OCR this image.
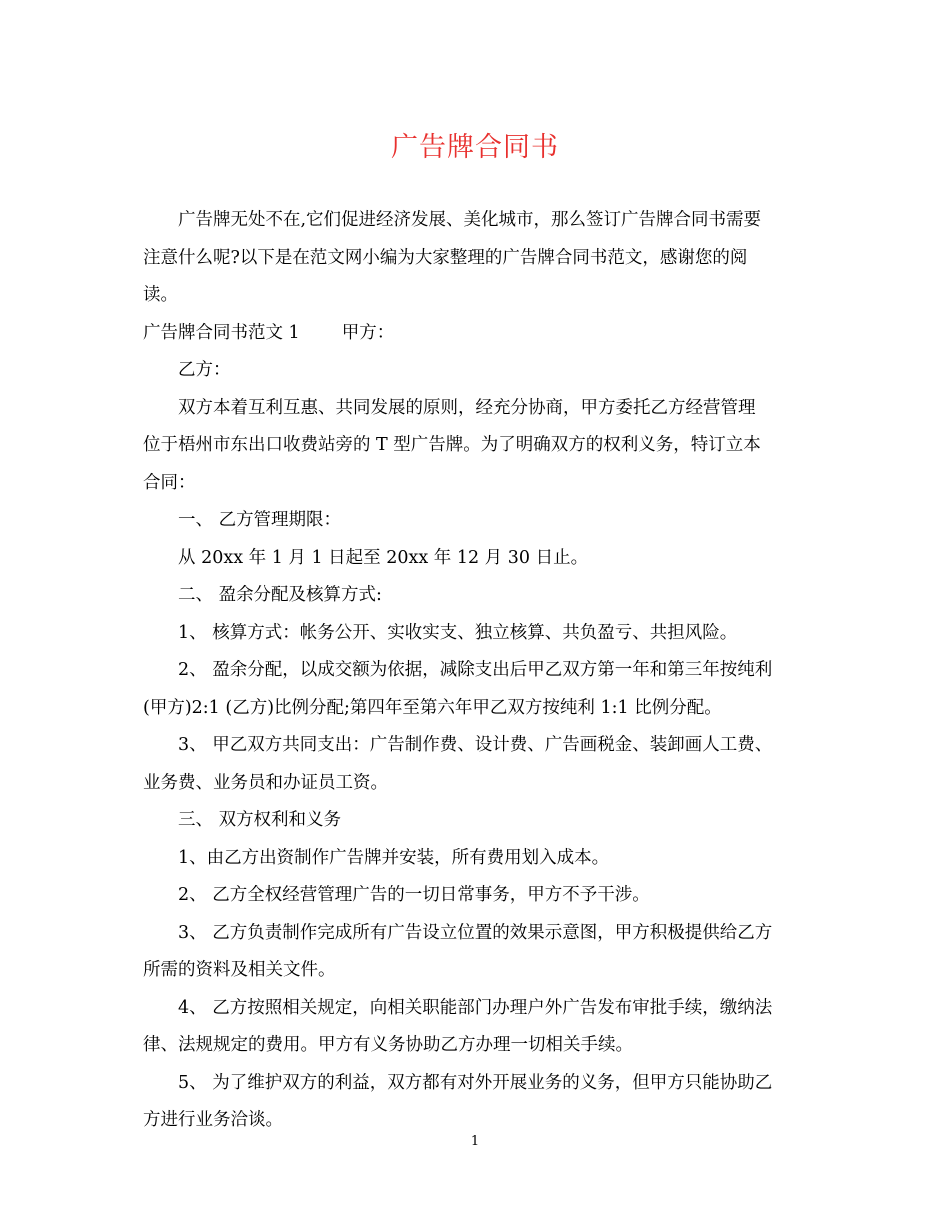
广告牌合同书

广告牌无处不在,它们促进经济发展、美化城市，那么签订广告牌合同书需要

注意什么呢?以下是在范文网小编为大家整理的广告牌合同书范文，感谢您的阅

读。

广告牌合同书范文 1 甲方：

乙方：

双方本着互利互惠、共同发展的原则，经充分协商，甲方委托乙方经营管理

位于梧州市东出口收费站旁的 T 型广告牌。为了明确双方的权利义务，特订立本

合同：

一、 乙方管理期限：

从 20xx 年 1 月 1 日起至 20xx 年 12 月 30 日止。

二、 盈余分配及核算方式:

1、 核算方式：帐务公开、实收实支、独立核算、共负盈亏、共担风险。

2、 盈余分配，以成交额为依据，减除支出后甲乙双方第一年和第三年按纯利

(甲方)2:1 (乙方)比例分配;第四年至第六年甲乙双方按纯利 1:1 比例分配。

3、 甲乙双方共同支出：广告制作费、设计费、广告画税金、装卸画人工费、

业务费、业务员和办证员工资。

三、 双方权利和义务

1、由乙方出资制作广告牌并安装，所有费用划入成本。

2、 乙方全权经营管理广告的一切日常事务，甲方不予干涉。

3、 乙方负责制作完成所有广告设立位置的效果示意图，甲方积极提供给乙方

所需的资料及相关文件。

4、 乙方按照相关规定，向相关职能部门办理户外广告发布审批手续，缴纳法

律、法规规定的费用。甲方有义务协助乙方办理一切相关手续。

5、 为了维护双方的利益，双方都有对外开展业务的义务，但甲方只能协助乙

方进行业务洽谈。

1
